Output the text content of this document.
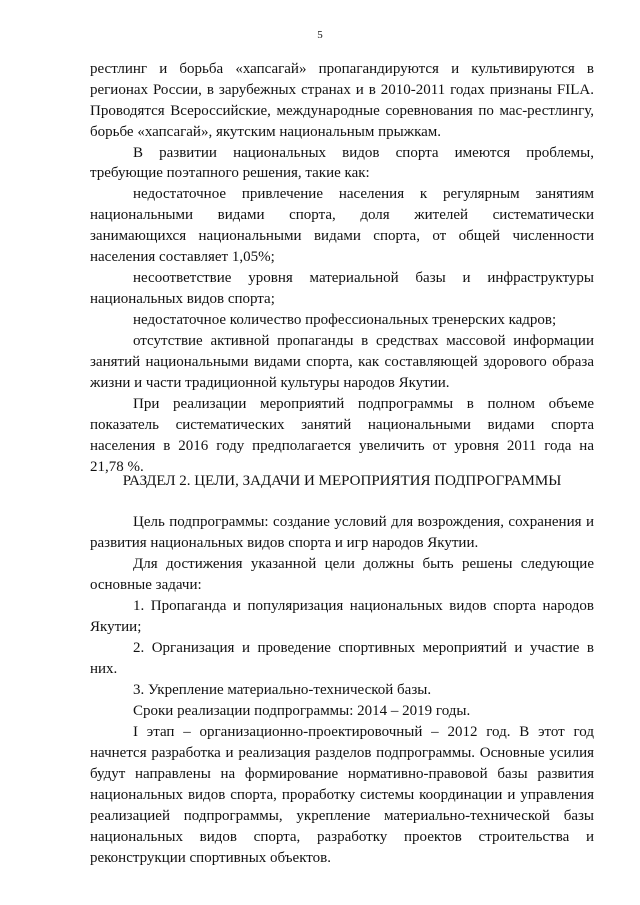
5
рестлинг и борьба «хапсагай» пропагандируются и культивируются в
регионах России, в зарубежных странах и в 2010-2011 годах признаны FILA.
Проводятся Всероссийские, международные соревнования по мас-рестлингу,
борьбе «хапсагай», якутским национальным прыжкам.
В развитии национальных видов спорта имеются проблемы,
требующие поэтапного решения, такие как:
недостаточное привлечение населения к регулярным занятиям
национальными видами спорта, доля жителей систематически
занимающихся национальными видами спорта, от общей численности
населения составляет 1,05%;
несоответствие уровня материальной базы и инфраструктуры
национальных видов спорта;
недостаточное количество профессиональных тренерских кадров;
отсутствие активной пропаганды в средствах массовой информации
занятий национальными видами спорта, как составляющей здорового образа
жизни и части традиционной культуры народов Якутии.
При реализации мероприятий подпрограммы в полном объеме
показатель систематических занятий национальными видами спорта
населения в 2016 году предполагается увеличить от уровня 2011 года на
21,78 %.
РАЗДЕЛ 2. ЦЕЛИ, ЗАДАЧИ И МЕРОПРИЯТИЯ ПОДПРОГРАММЫ
Цель подпрограммы: создание условий для возрождения, сохранения и
развития национальных видов спорта и игр народов Якутии.
Для достижения указанной цели должны быть решены следующие
основные задачи:
1. Пропаганда и популяризация национальных видов спорта народов
Якутии;
2. Организация и проведение спортивных мероприятий и участие в
них.
3. Укрепление материально-технической базы.
Сроки реализации подпрограммы: 2014 – 2019 годы.
I этап – организационно-проектировочный – 2012 год. В этот год
начнется разработка и реализация разделов подпрограммы. Основные усилия
будут направлены на формирование нормативно-правовой базы развития
национальных видов спорта, проработку системы координации и управления
реализацией подпрограммы, укрепление материально-технической базы
национальных видов спорта, разработку проектов строительства и
реконструкции спортивных объектов.
